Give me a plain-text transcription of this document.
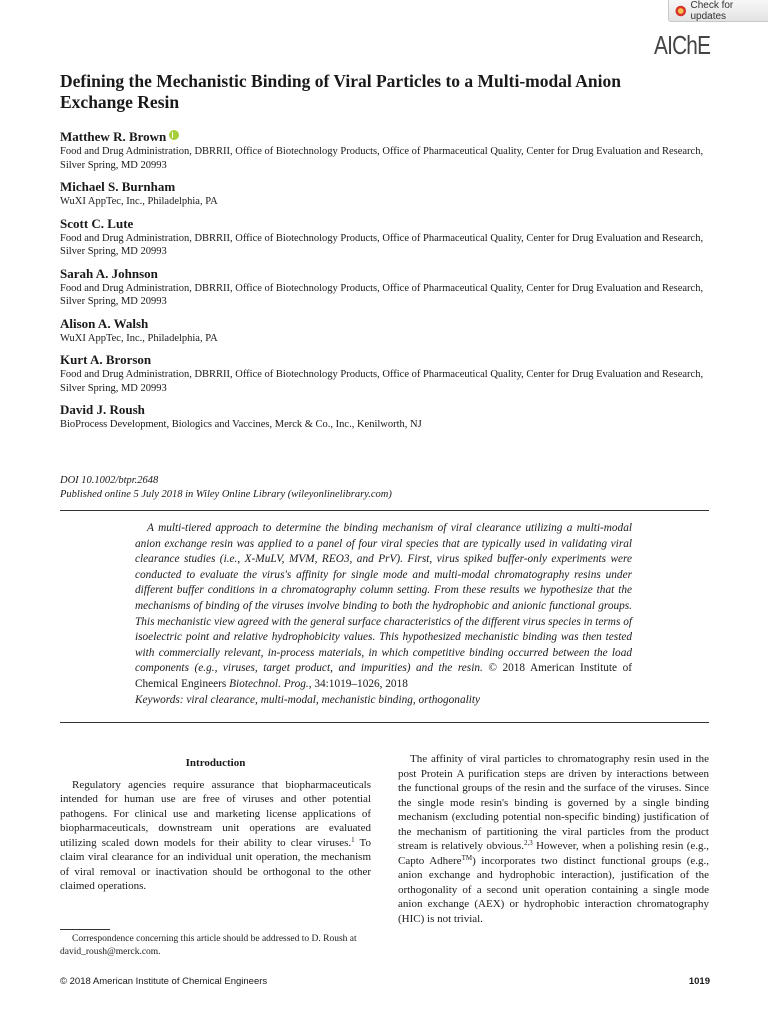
Check for updates
AIChE
Defining the Mechanistic Binding of Viral Particles to a Multi-modal Anion Exchange Resin
Matthew R. Brown
Food and Drug Administration, DBRRII, Office of Biotechnology Products, Office of Pharmaceutical Quality, Center for Drug Evaluation and Research, Silver Spring, MD 20993
Michael S. Burnham
WuXI AppTec, Inc., Philadelphia, PA
Scott C. Lute
Food and Drug Administration, DBRRII, Office of Biotechnology Products, Office of Pharmaceutical Quality, Center for Drug Evaluation and Research, Silver Spring, MD 20993
Sarah A. Johnson
Food and Drug Administration, DBRRII, Office of Biotechnology Products, Office of Pharmaceutical Quality, Center for Drug Evaluation and Research, Silver Spring, MD 20993
Alison A. Walsh
WuXI AppTec, Inc., Philadelphia, PA
Kurt A. Brorson
Food and Drug Administration, DBRRII, Office of Biotechnology Products, Office of Pharmaceutical Quality, Center for Drug Evaluation and Research, Silver Spring, MD 20993
David J. Roush
BioProcess Development, Biologics and Vaccines, Merck & Co., Inc., Kenilworth, NJ
DOI 10.1002/btpr.2648
Published online 5 July 2018 in Wiley Online Library (wileyonlinelibrary.com)

A multi-tiered approach to determine the binding mechanism of viral clearance utilizing a multi-modal anion exchange resin was applied to a panel of four viral species that are typically used in validating viral clearance studies (i.e., X-MuLV, MVM, REO3, and PrV). First, virus spiked buffer-only experiments were conducted to evaluate the virus's affinity for single mode and multi-modal chromatography resins under different buffer conditions in a chromatography column setting. From these results we hypothesize that the mechanisms of binding of the viruses involve binding to both the hydrophobic and anionic functional groups. This mechanistic view agreed with the general surface characteristics of the different virus species in terms of isoelectric point and relative hydrophobicity values. This hypothesized mechanistic binding was then tested with commercially relevant, in-process materials, in which competitive binding occurred between the load components (e.g., viruses, target product, and impurities) and the resin. © 2018 American Institute of Chemical Engineers Biotechnol. Prog., 34:1019–1026, 2018

Keywords: viral clearance, multi-modal, mechanistic binding, orthogonality
Introduction

Regulatory agencies require assurance that biopharmaceuticals intended for human use are free of viruses and other potential pathogens. For clinical use and marketing license applications of biopharmaceuticals, downstream unit operations are evaluated utilizing scaled down models for their ability to clear viruses.$^1$ To claim viral clearance for an individual unit operation, the mechanism of viral removal or inactivation should be orthogonal to the other claimed operations.

The affinity of viral particles to chromatography resin used in the post Protein A purification steps are driven by interactions between the functional groups of the resin and the surface of the viruses. Since the single mode resin's binding is governed by a single binding mechanism (excluding potential non-specific binding) justification of the mechanism of partitioning the viral particles from the product stream is relatively obvious.$^{2,3}$ However, when a polishing resin (e.g., Capto Adhere™) incorporates two distinct functional groups (e.g., anion exchange and hydrophobic interaction), justification of the orthogonality of a second unit operation containing a single mode anion exchange (AEX) or hydrophobic interaction chromatography (HIC) is not trivial.

Correspondence concerning this article should be addressed to D. Roush at david_roush@merck.com.

© 2018 American Institute of Chemical Engineers	1019
